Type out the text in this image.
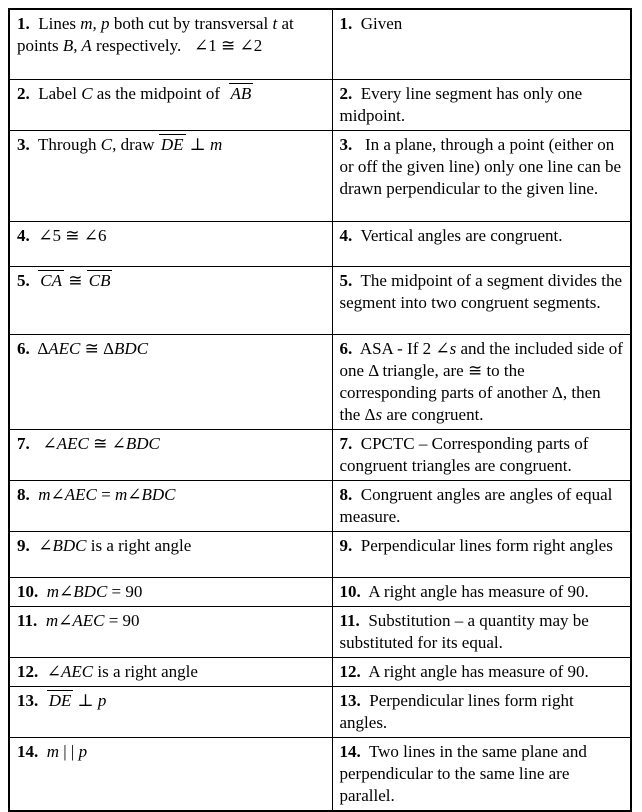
1. Lines m, p both cut by transversal t at points B, A respectively.   ∠1 ≅ ∠2	1. Given
2. Label C as the midpoint of  AB	2. Every line segment has only one midpoint.
3. Through C, draw DE ⊥ m	3.   In a plane, through a point (either on or off the given line) only one line can be drawn perpendicular to the given line.
4. ∠5 ≅ ∠6	4. Vertical angles are congruent.
5. CA ≅ CB	5. The midpoint of a segment divides the segment into two congruent segments.
6. ΔAEC ≅ ΔBDC	6. ASA - If 2 ∠s and the included side of one Δ triangle, are ≅ to the corresponding parts of another Δ, then the Δs are congruent.
7.   ∠AEC ≅ ∠BDC	7. CPCTC – Corresponding parts of congruent triangles are congruent.
8. m∠AEC = m∠BDC	8. Congruent angles are angles of equal measure.
9. ∠BDC is a right angle	9. Perpendicular lines form right angles
10. m∠BDC = 90	10. A right angle has measure of 90.
11. m∠AEC = 90	11. Substitution – a quantity may be substituted for its equal.
12. ∠AEC is a right angle	12. A right angle has measure of 90.
13. DE ⊥ p	13. Perpendicular lines form right angles.
14. m | | p	14. Two lines in the same plane and perpendicular to the same line are parallel.
